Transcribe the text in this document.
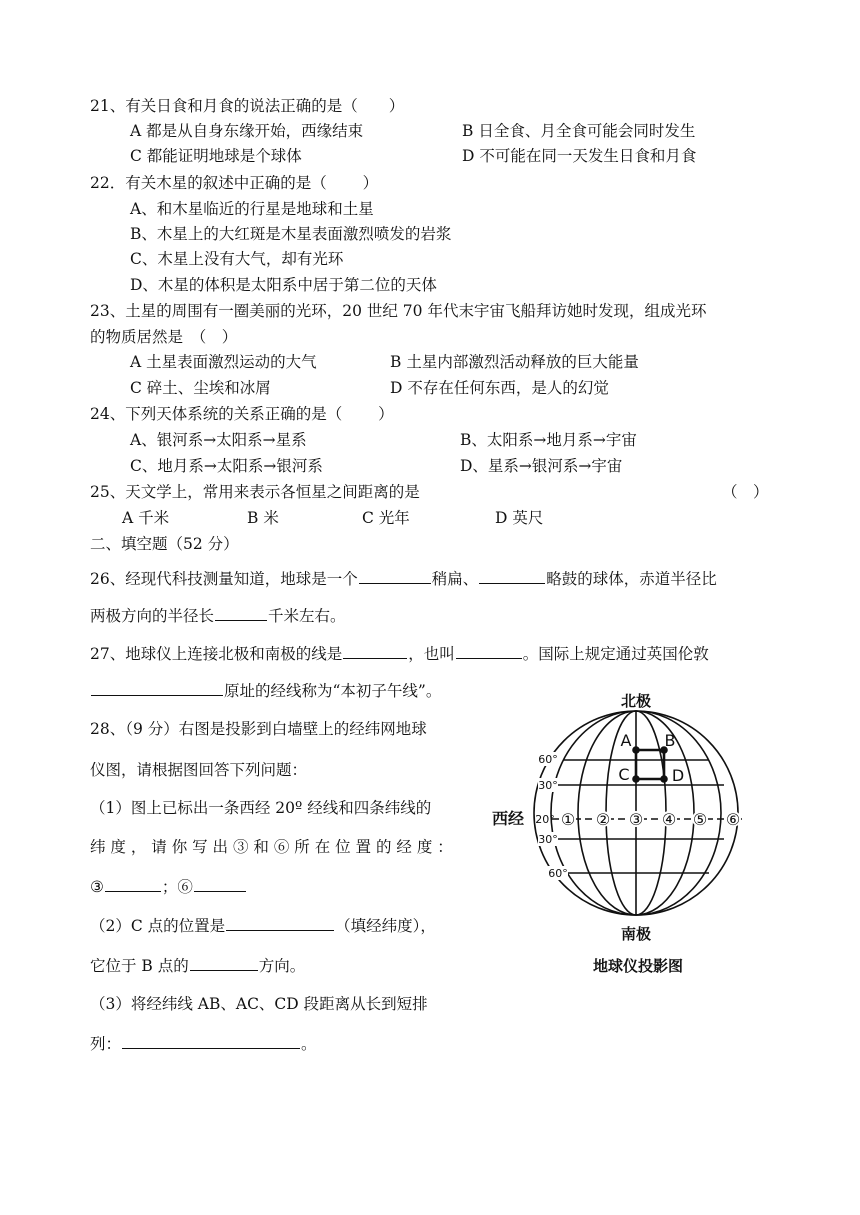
21、有关日食和月食的说法正确的是（　　）
A 都是从自身东缘开始，西缘结束	B 日全食、月全食可能会同时发生
C 都能证明地球是个球体	D 不可能在同一天发生日食和月食
22．有关木星的叙述中正确的是（　　 ）
A、和木星临近的行星是地球和土星
B、木星上的大红斑是木星表面激烈喷发的岩浆
C、木星上没有大气，却有光环
D、木星的体积是太阳系中居于第二位的天体
23、土星的周围有一圈美丽的光环，20 世纪 70 年代末宇宙飞船拜访她时发现，组成光环
的物质居然是　（　）
A 土星表面激烈运动的大气	B 土星内部激烈活动释放的巨大能量
C 碎土、尘埃和冰屑	D 不存在任何东西，是人的幻觉
24、下列天体系统的关系正确的是（　　 ）
A、银河系→太阳系→星系	B、太阳系→地月系→宇宙
C、地月系→太阳系→银河系	D、星系→银河系→宇宙
25、天文学上，常用来表示各恒星之间距离的是	（　）
A 千米	B 米	C 光年	D 英尺
二、填空题（52 分）
26、经现代科技测量知道，地球是一个	稍扁、	略鼓的球体，赤道半径比
两极方向的半径长	千米左右。
27、地球仪上连接北极和南极的线是	，也叫	。国际上规定通过英国伦敦
原址的经线称为“本初子午线”。
28、（9 分）右图是投影到白墙壁上的经纬网地球
仪图，请根据图回答下列问题：
（1）图上已标出一条西经 20º 经线和四条纬线的
纬 度 ， 请 你 写 出 ③ 和 ⑥ 所 在 位 置 的 经 度 ：
③	；⑥
（2）C 点的位置是	（填经纬度），
它位于 B 点的	方向。
（3）将经纬线 AB、AC、CD 段距离从长到短排
列：	。
北极
南极
地球仪投影图
西经
60°
30°
20°
30°
60°
A B
C	D
① ② ③ ④ ⑤ ⑥
